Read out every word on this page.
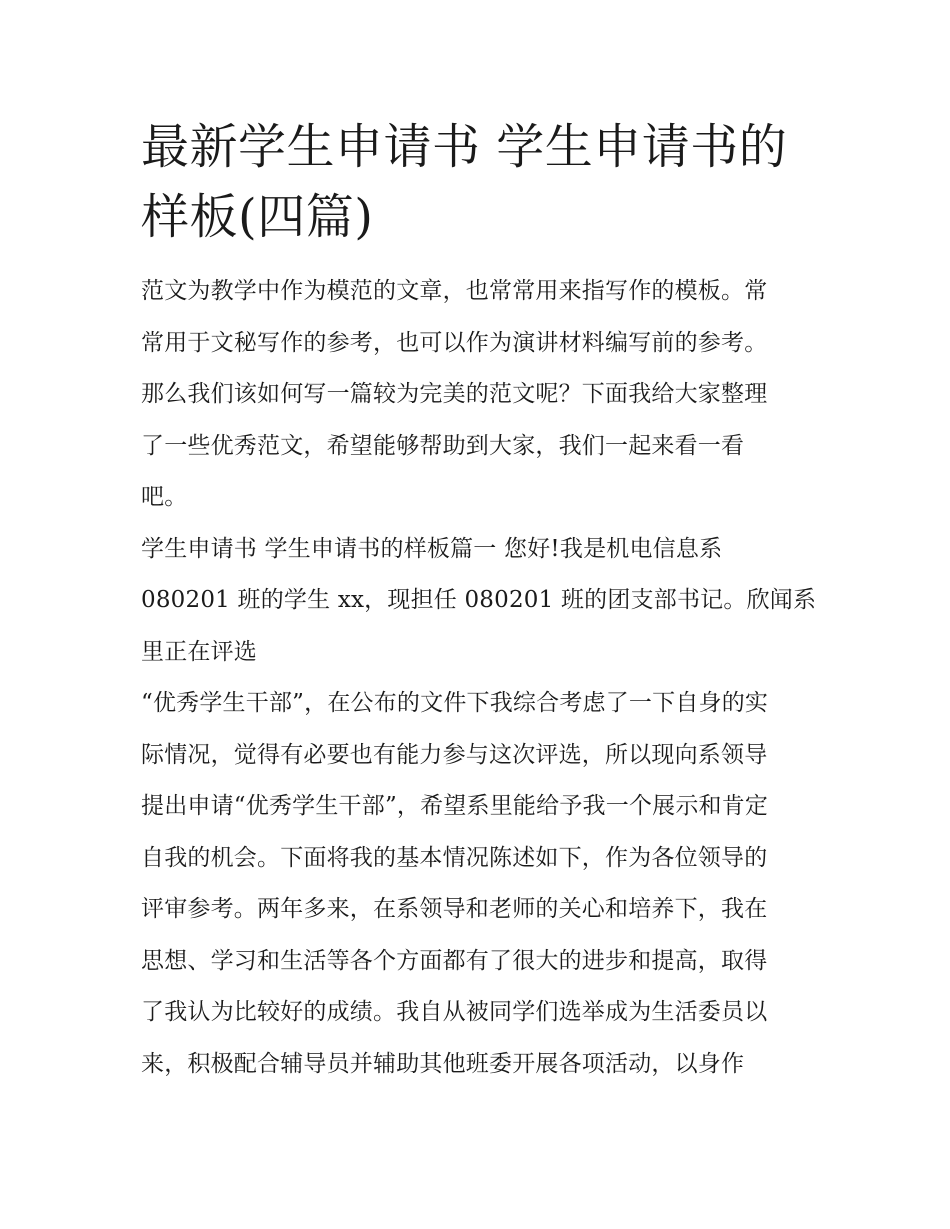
最新学生申请书 学生申请书的
样板(四篇)

范文为教学中作为模范的文章，也常常用来指写作的模板。常
常用于文秘写作的参考，也可以作为演讲材料编写前的参考。
那么我们该如何写一篇较为完美的范文呢？下面我给大家整理
了一些优秀范文，希望能够帮助到大家，我们一起来看一看
吧。

学生申请书 学生申请书的样板篇一 您好!我是机电信息系
080201 班的学生 xx，现担任 080201 班的团支部书记。欣闻系
里正在评选

“优秀学生干部”，在公布的文件下我综合考虑了一下自身的实
际情况，觉得有必要也有能力参与这次评选，所以现向系领导
提出申请“优秀学生干部”，希望系里能给予我一个展示和肯定
自我的机会。下面将我的基本情况陈述如下，作为各位领导的
评审参考。两年多来，在系领导和老师的关心和培养下，我在
思想、学习和生活等各个方面都有了很大的进步和提高，取得
了我认为比较好的成绩。我自从被同学们选举成为生活委员以
来，积极配合辅导员并辅助其他班委开展各项活动，以身作
